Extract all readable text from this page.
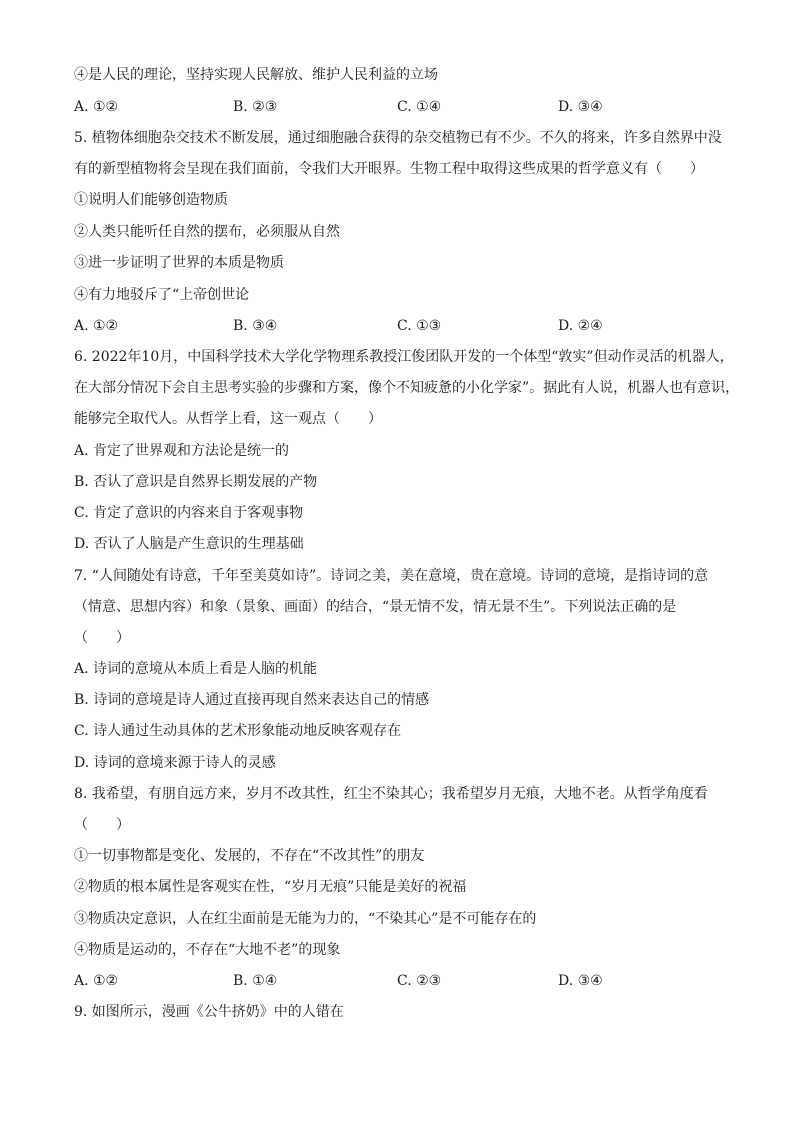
④是人民的理论，坚持实现人民解放、维护人民利益的立场
A. ①②	B. ②③	C. ①④	D. ③④
5. 植物体细胞杂交技术不断发展，通过细胞融合获得的杂交植物已有不少。不久的将来，许多自然界中没
有的新型植物将会呈现在我们面前，令我们大开眼界。生物工程中取得这些成果的哲学意义有（　　）
①说明人们能够创造物质
②人类只能听任自然的摆布，必须服从自然
③进一步证明了世界的本质是物质
④有力地驳斥了“上帝创世论
A. ①②	B. ③④	C. ①③	D. ②④
6. 2022年10月，中国科学技术大学化学物理系教授江俊团队开发的一个体型“敦实”但动作灵活的机器人，
在大部分情况下会自主思考实验的步骤和方案，像个不知疲惫的小化学家”。据此有人说，机器人也有意识，
能够完全取代人。从哲学上看，这一观点（　　）
A. 肯定了世界观和方法论是统一的
B. 否认了意识是自然界长期发展的产物
C. 肯定了意识的内容来自于客观事物
D. 否认了人脑是产生意识的生理基础
7. “人间随处有诗意，千年至美莫如诗”。诗词之美，美在意境，贵在意境。诗词的意境，是指诗词的意
（情意、思想内容）和象（景象、画面）的结合，“景无情不发，情无景不生”。下列说法正确的是
（　　）
A. 诗词的意境从本质上看是人脑的机能
B. 诗词的意境是诗人通过直接再现自然来表达自己的情感
C. 诗人通过生动具体的艺术形象能动地反映客观存在
D. 诗词的意境来源于诗人的灵感
8. 我希望，有朋自远方来，岁月不改其性，红尘不染其心；我希望岁月无痕，大地不老。从哲学角度看
（　　）
①一切事物都是变化、发展的，不存在“不改其性”的朋友
②物质的根本属性是客观实在性，“岁月无痕”只能是美好的祝福
③物质决定意识，人在红尘面前是无能为力的，“不染其心”是不可能存在的
④物质是运动的，不存在“大地不老”的现象
A. ①②	B. ①④	C. ②③	D. ③④
9. 如图所示，漫画《公牛挤奶》中的人错在
